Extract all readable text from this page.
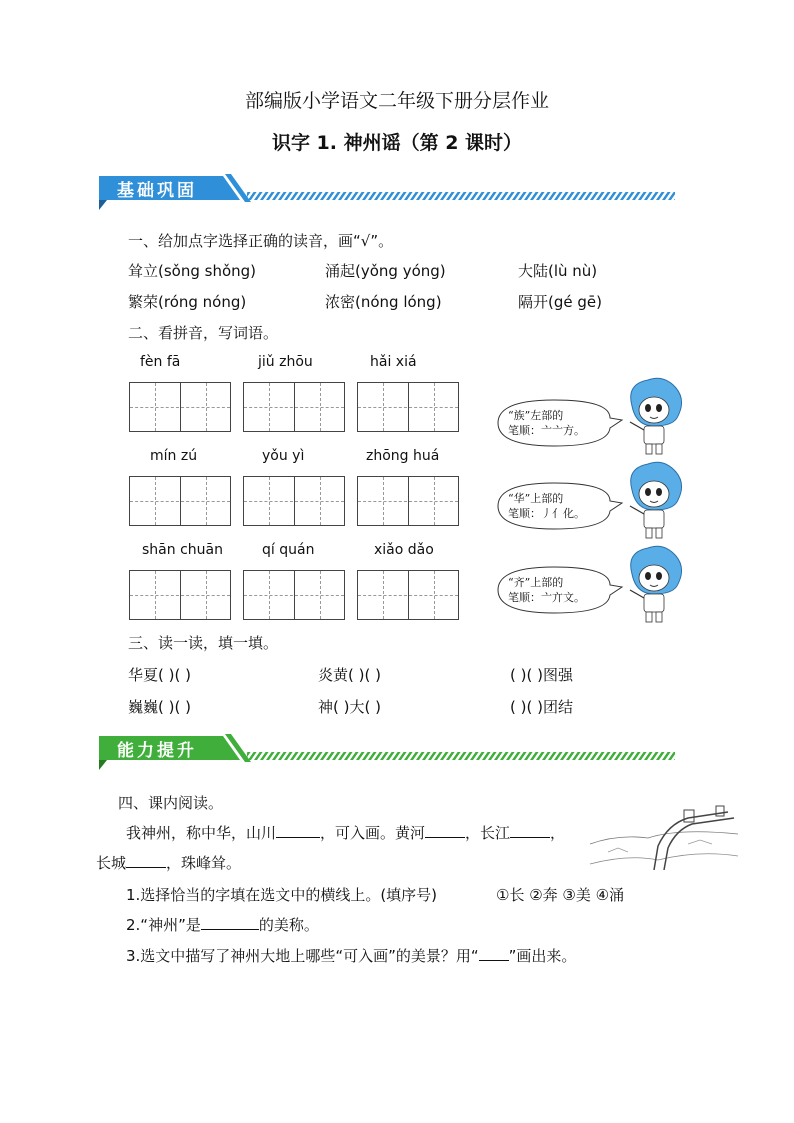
部编版小学语文二年级下册分层作业
识字 1. 神州谣（第 2 课时）
基础巩固
一、给加点字选择正确的读音，画“√”。
耸立(sǒng shǒng)	涌起(yǒng yóng)	大陆(lù nù)
繁荣(róng nóng)	浓密(nóng lóng)	隔开(gé gē)
二、看拼音，写词语。
fèn fā	jiǔ zhōu	hǎi xiá
mín zú	yǒu yì	zhōng huá
shān chuān	qí quán	xiǎo dǎo
“族”左部的
笔顺：亠亠方。
“华”上部的
笔顺：丿亻化。
“齐”上部的
笔顺：亠亣文。
三、读一读，填一填。
华夏( )( )	炎黄( )( )	( )( )图强
巍巍( )( )	神( )大( )	( )( )团结
能力提升
四、课内阅读。
我神州，称中华，山川	，可入画。黄河	，长江	，
长城	，珠峰耸。
1.选择恰当的字填在选文中的横线上。(填序号)	①长 ②奔 ③美 ④涌
2.“神州”是	的美称。
3.选文中描写了神州大地上哪些“可入画”的美景？用“ ”画出来。
